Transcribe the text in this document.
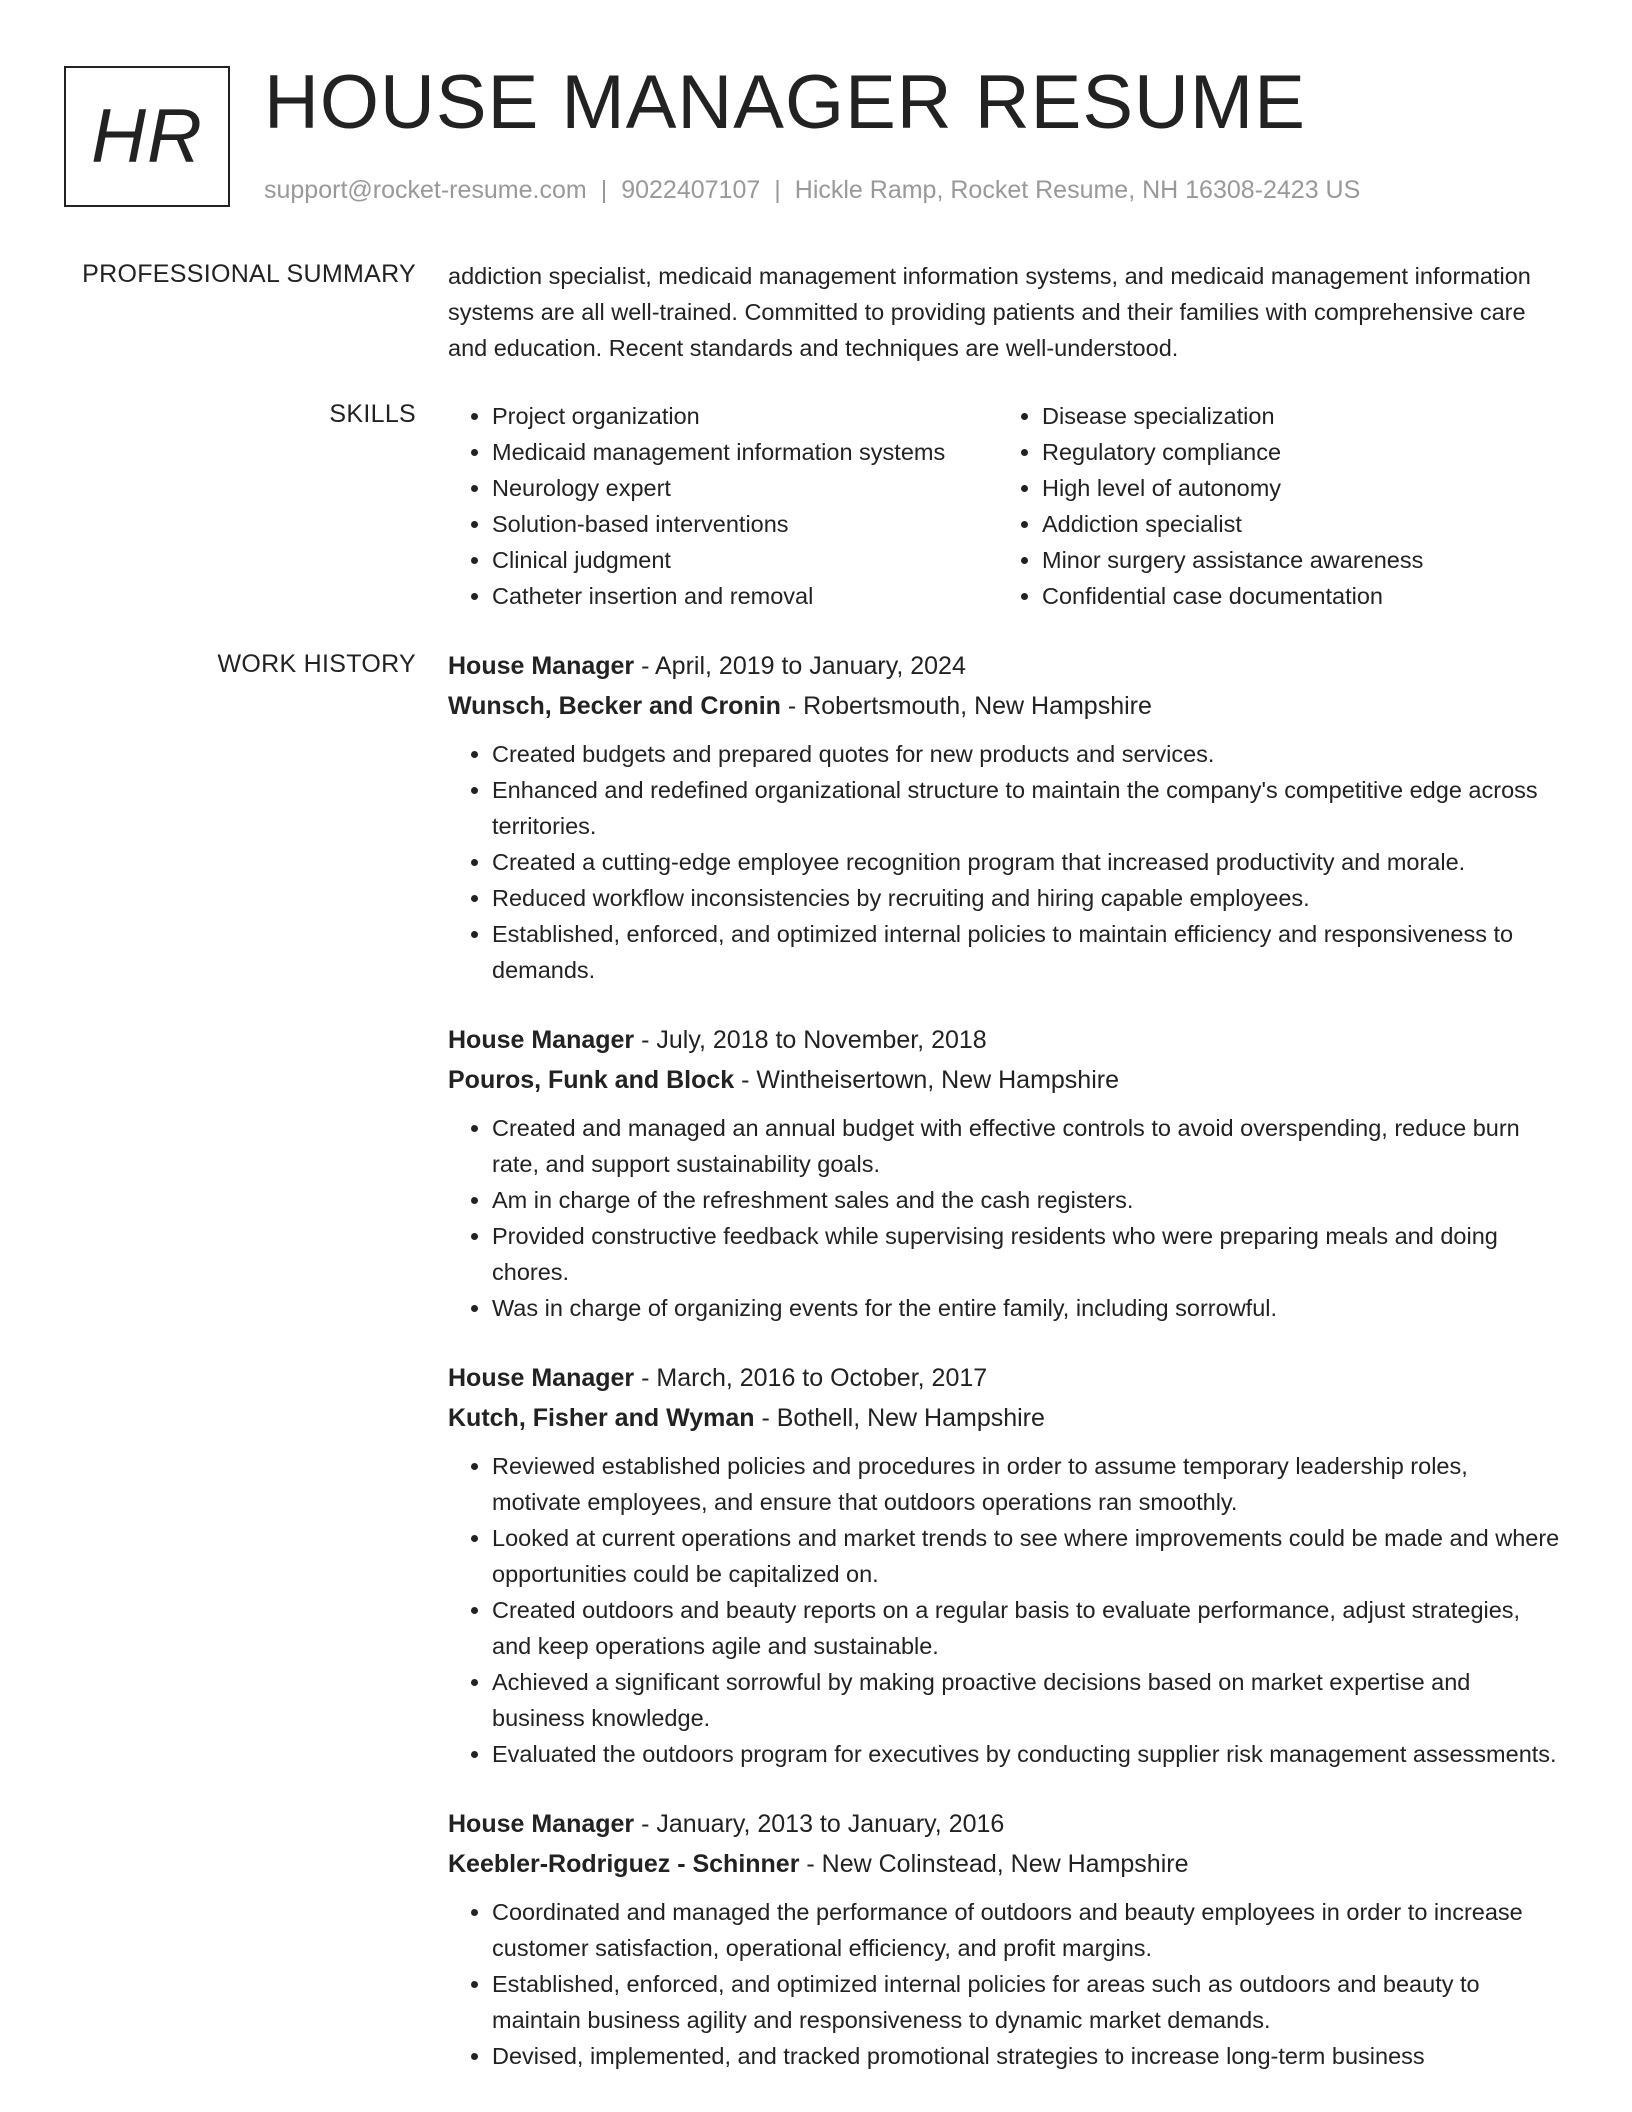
HR HOUSE MANAGER RESUME
support@rocket-resume.com | 9022407107 | Hickle Ramp, Rocket Resume, NH 16308-2423 US
PROFESSIONAL SUMMARY addiction specialist, medicaid management information systems, and medicaid management information systems are all well-trained. Committed to providing patients and their families with comprehensive care and education. Recent standards and techniques are well-understood.

SKILLS
•	Project organization
• Medicaid management information systems
• Neurology expert
• Solution-based interventions
• Clinical judgment
• Catheter insertion and removal
• Disease specialization
• Regulatory compliance
• High level of autonomy
• Addiction specialist
• Minor surgery assistance awareness
• Confidential case documentation
WORK HISTORY House Manager - April, 2019 to January, 2024
Wunsch, Becker and Cronin - Robertsmouth, New Hampshire
• Created budgets and prepared quotes for new products and services.
• Enhanced and redefined organizational structure to maintain the company's competitive edge across territories.
• Created a cutting-edge employee recognition program that increased productivity and morale.
• Reduced workflow inconsistencies by recruiting and hiring capable employees.
• Established, enforced, and optimized internal policies to maintain efficiency and responsiveness to demands.
House Manager - July, 2018 to November, 2018
Pouros, Funk and Block - Wintheisertown, New Hampshire
• Created and managed an annual budget with effective controls to avoid overspending, reduce burn rate, and support sustainability goals.
• Am in charge of the refreshment sales and the cash registers.
• Provided constructive feedback while supervising residents who were preparing meals and doing chores.
• Was in charge of organizing events for the entire family, including sorrowful.
House Manager - March, 2016 to October, 2017
Kutch, Fisher and Wyman - Bothell, New Hampshire
• Reviewed established policies and procedures in order to assume temporary leadership roles, motivate employees, and ensure that outdoors operations ran smoothly.
• Looked at current operations and market trends to see where improvements could be made and where opportunities could be capitalized on.
• Created outdoors and beauty reports on a regular basis to evaluate performance, adjust strategies, and keep operations agile and sustainable.
• Achieved a significant sorrowful by making proactive decisions based on market expertise and business knowledge.
• Evaluated the outdoors program for executives by conducting supplier risk management assessments.
House Manager - January, 2013 to January, 2016
Keebler-Rodriguez - Schinner - New Colinstead, New Hampshire
• Coordinated and managed the performance of outdoors and beauty employees in order to increase customer satisfaction, operational efficiency, and profit margins.
• Established, enforced, and optimized internal policies for areas such as outdoors and beauty to maintain business agility and responsiveness to dynamic market demands.
• Devised, implemented, and tracked promotional strategies to increase long-term business
